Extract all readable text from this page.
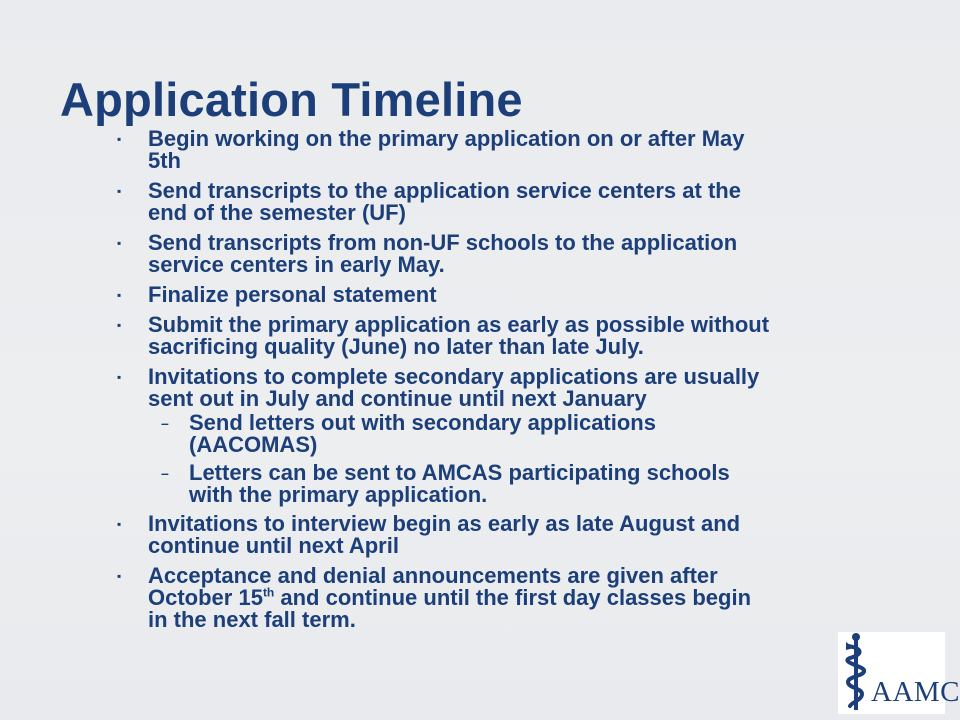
Application Timeline
▪ Begin working on the primary application on or after May
5th
▪ Send transcripts to the application service centers at the
end of the semester (UF)
▪ Send transcripts from non-UF schools to the application
service centers in early May.
▪ Finalize personal statement
▪ Submit the primary application as early as possible without
sacrificing quality (June) no later than late July.
▪ Invitations to complete secondary applications are usually
sent out in July and continue until next January
– Send letters out with secondary applications
(AACOMAS)
– Letters can be sent to AMCAS participating schools
with the primary application.
▪ Invitations to interview begin as early as late August and
continue until next April
▪ Acceptance and denial announcements are given after
October 15th and continue until the first day classes begin
in the next fall term.
AAMC
